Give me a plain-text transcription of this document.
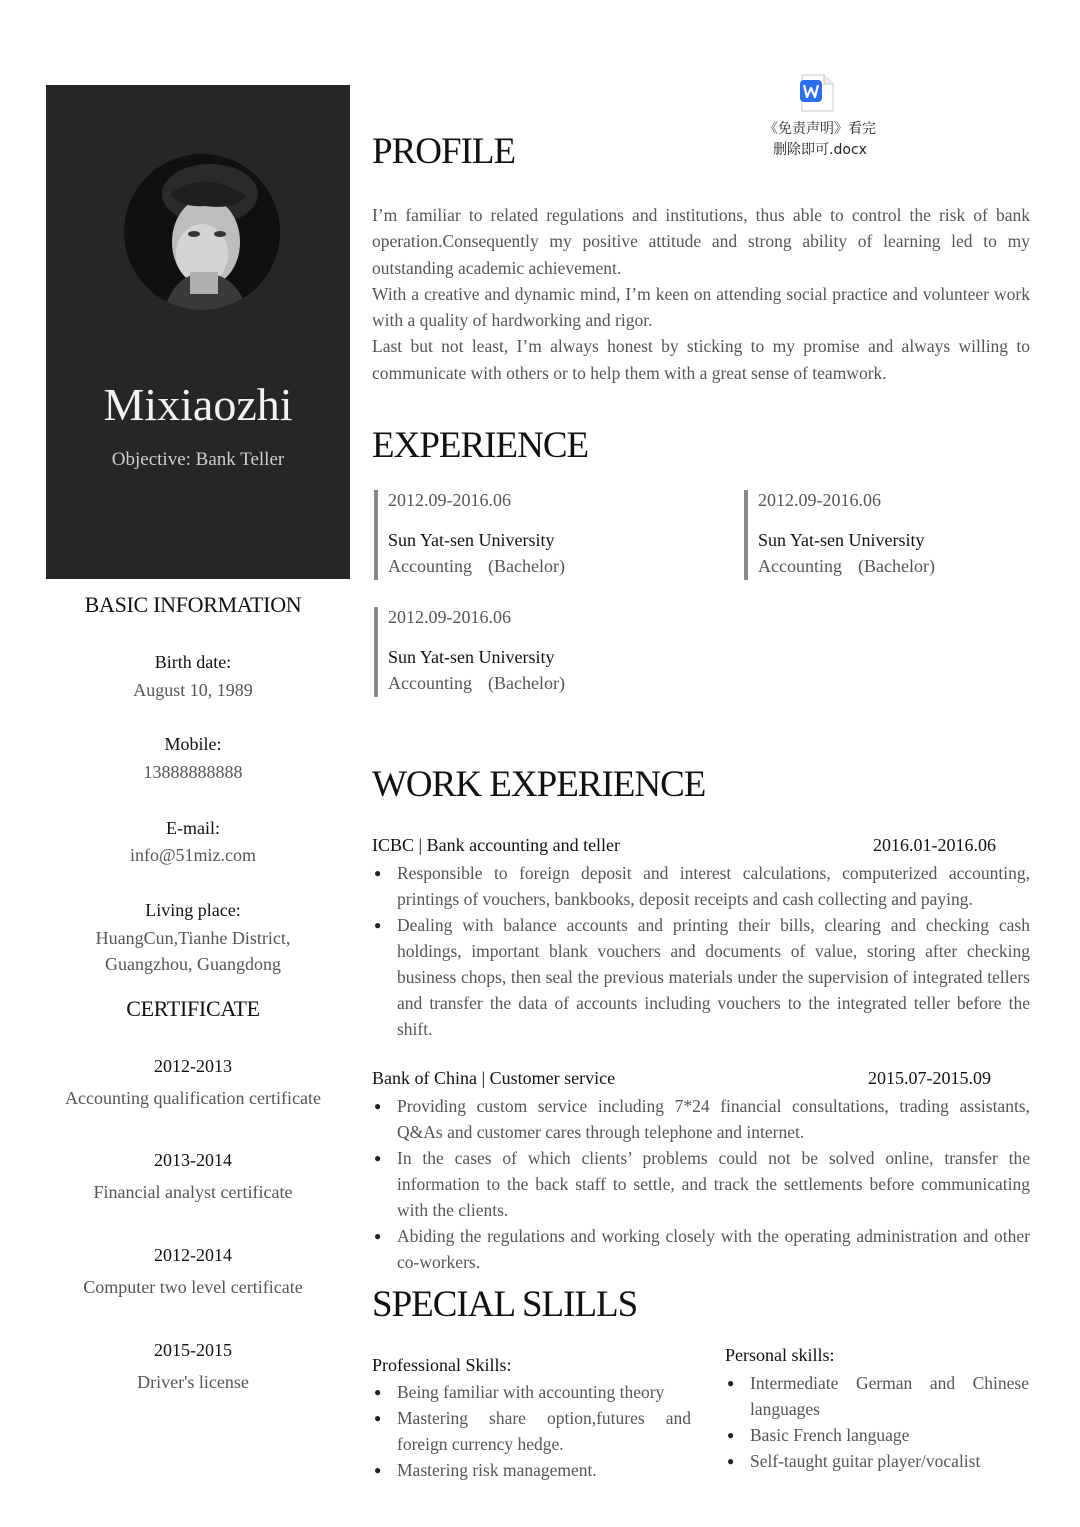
Mixiaozhi
Objective: Bank Teller
BASIC INFORMATION
Birth date:
August 10, 1989
Mobile:
13888888888
E-mail:
info@51miz.com
Living place:
HuangCun,Tianhe District,
Guangzhou, Guangdong
CERTIFICATE
2012-2013
Accounting qualification certificate
2013-2014
Financial analyst certificate
2012-2014
Computer two level certificate
2015-2015
Driver's license
《免责声明》看完
删除即可.docx
PROFILE
I’m familiar to related regulations and institutions, thus able to control the risk of bank operation.Consequently my positive attitude and strong ability of learning led to my outstanding academic achievement.
With a creative and dynamic mind, I’m keen on attending social practice and volunteer work with a quality of hardworking and rigor.
Last but not least, I’m always honest by sticking to my promise and always willing to communicate with others or to help them with a great sense of teamwork.
EXPERIENCE
2012.09-2016.06
Sun Yat-sen University
Accounting (Bachelor)
2012.09-2016.06
Sun Yat-sen University
Accounting (Bachelor)
2012.09-2016.06
Sun Yat-sen University
Accounting (Bachelor)
WORK EXPERIENCE
ICBC | Bank accounting and teller	2016.01-2016.06
● Responsible to foreign deposit and interest calculations, computerized accounting, printings of vouchers, bankbooks, deposit receipts and cash collecting and paying.
● Dealing with balance accounts and printing their bills, clearing and checking cash holdings, important blank vouchers and documents of value, storing after checking business chops, then seal the previous materials under the supervision of integrated tellers and transfer the data of accounts including vouchers to the integrated teller before the shift.
Bank of China | Customer service	2015.07-2015.09
● Providing custom service including 7*24 financial consultations, trading assistants, Q&As and customer cares through telephone and internet.
● In the cases of which clients’ problems could not be solved online, transfer the information to the back staff to settle, and track the settlements before communicating with the clients.
● Abiding the regulations and working closely with the operating administration and other co-workers.
SPECIAL SLILLS
Professional Skills:
● Being familiar with accounting theory
● Mastering share option,futures and foreign currency hedge.
● Mastering risk management.
Personal skills:
● Intermediate German and Chinese languages
● Basic French language
● Self-taught guitar player/vocalist
